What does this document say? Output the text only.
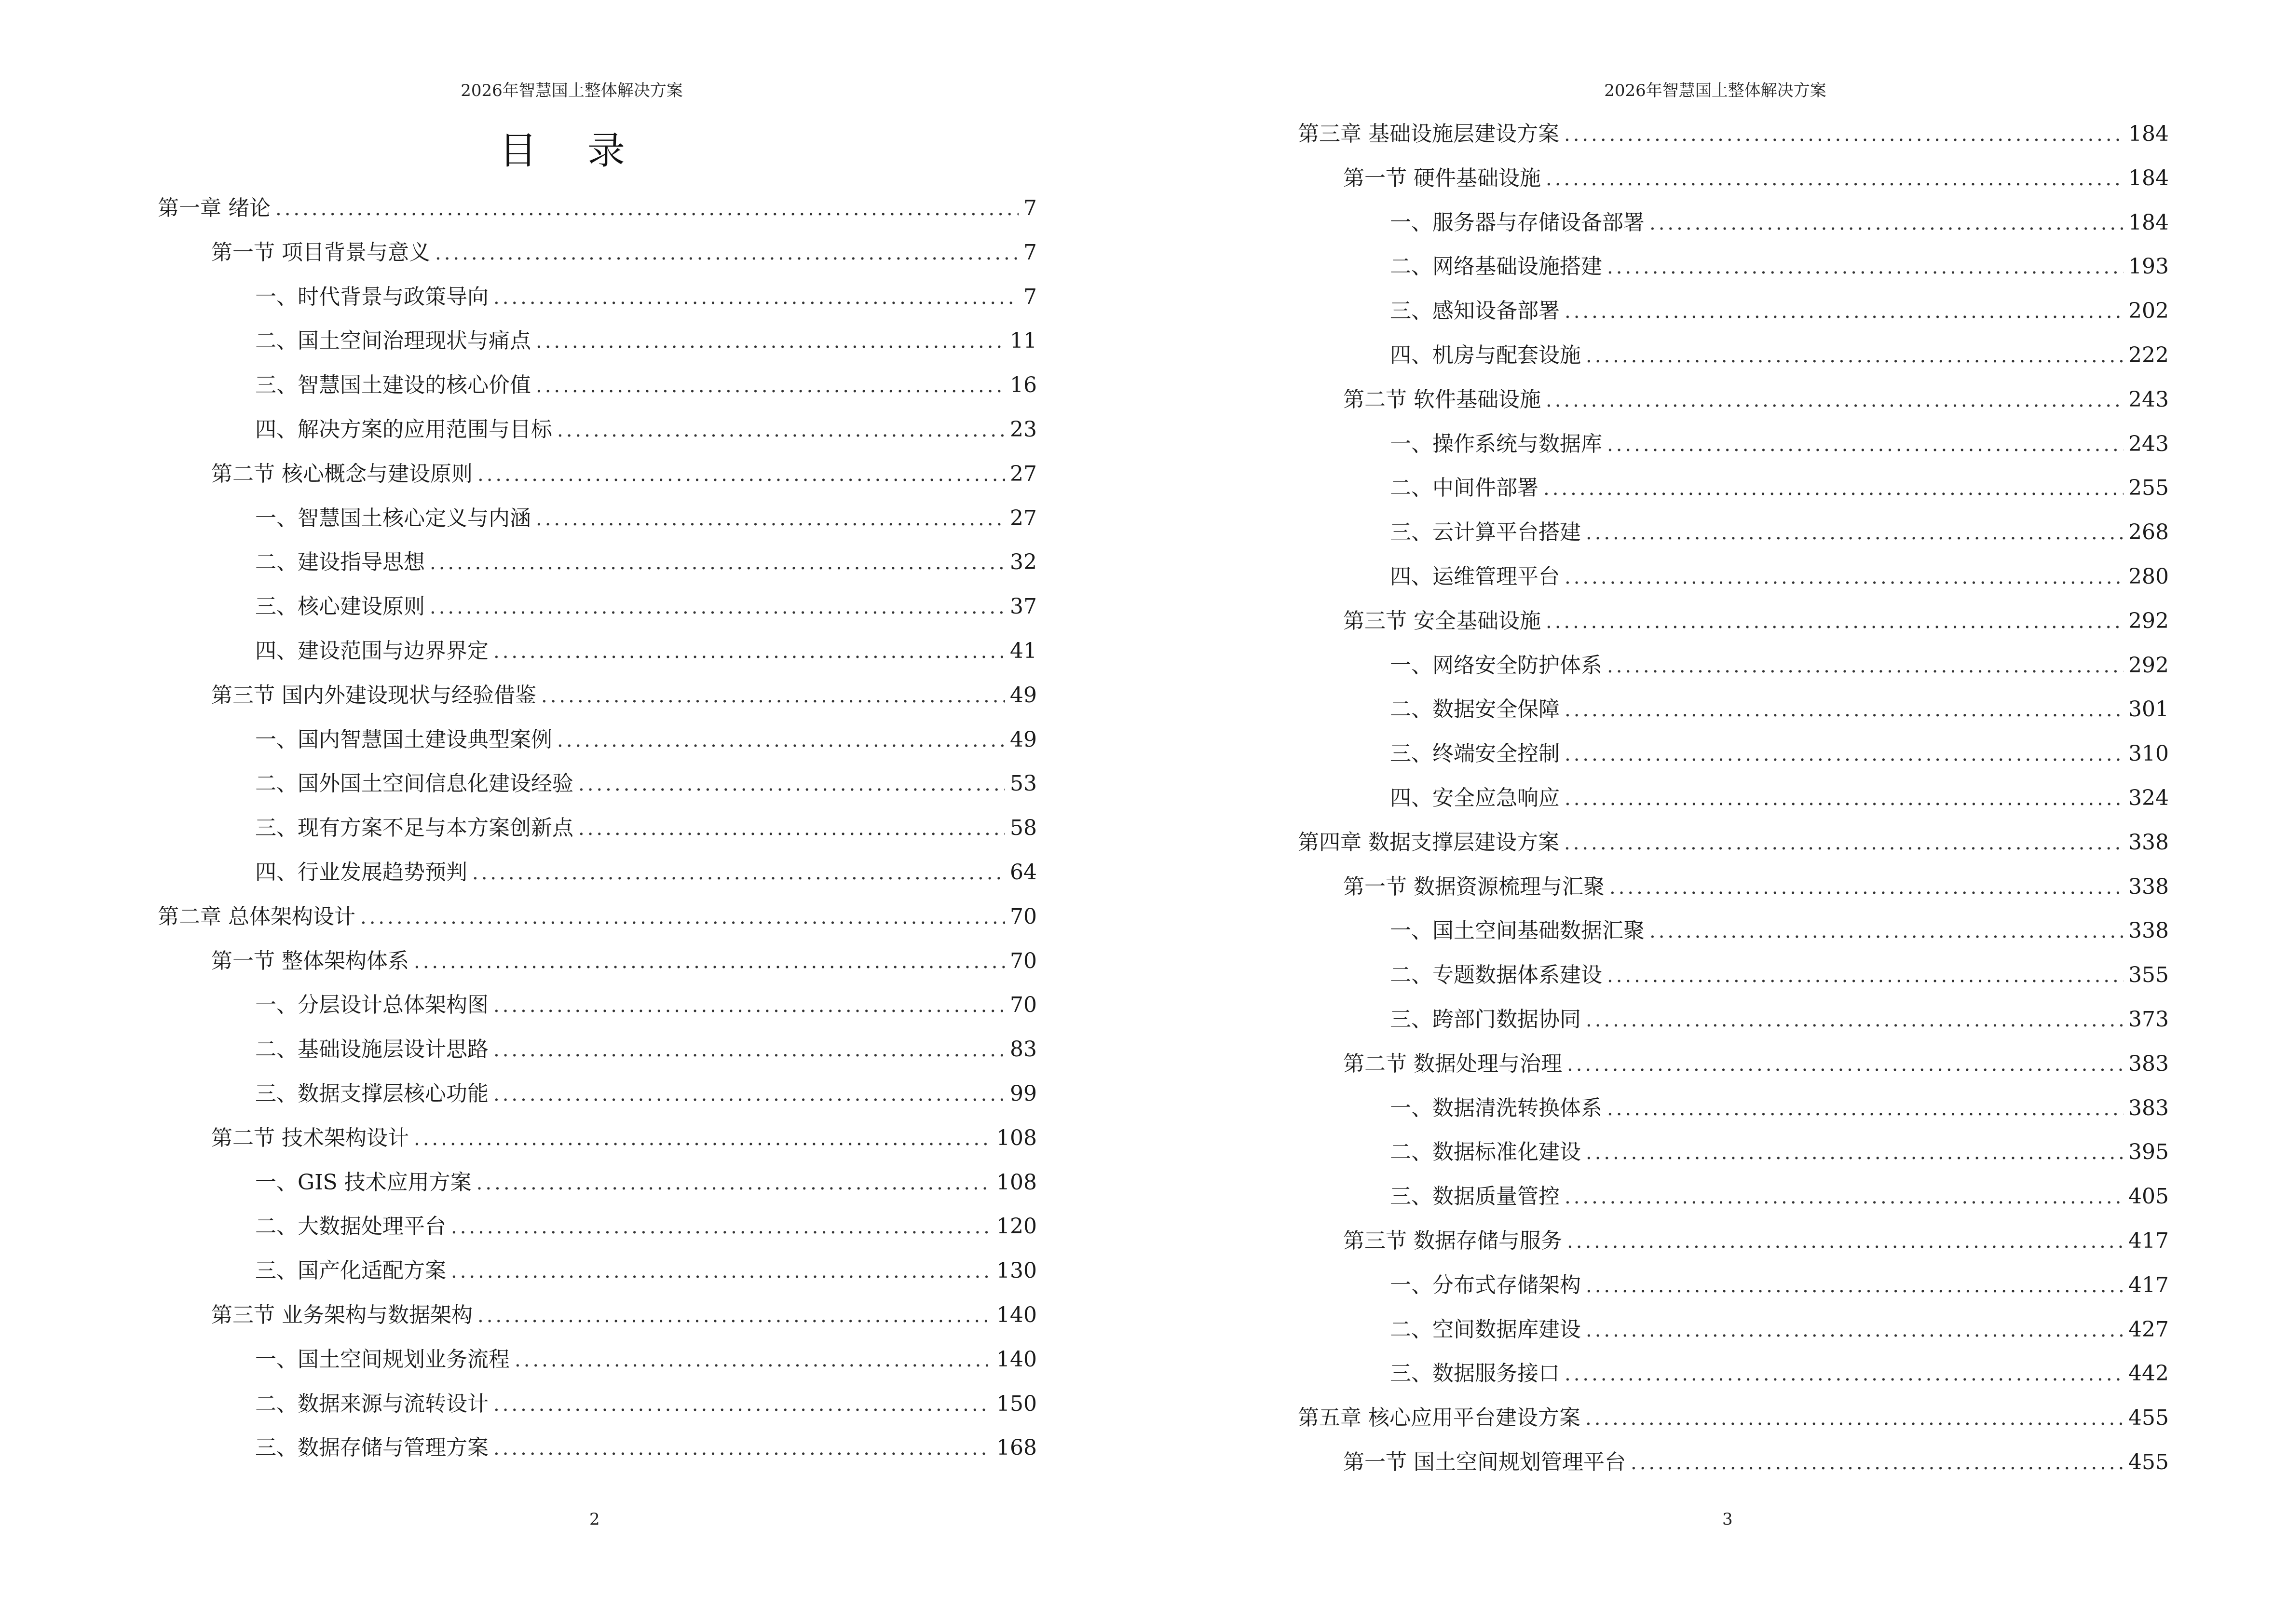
2026年智慧国土整体解决方案
目 录
第一章 绪论 .....	7
第一节 项目背景与意义 .....	7
一、时代背景与政策导向 .....	7
二、国土空间治理现状与痛点 .....	11
三、智慧国土建设的核心价值 .....	16
四、解决方案的应用范围与目标 .....	23
第二节 核心概念与建设原则 .....	27
一、智慧国土核心定义与内涵 .....	27
二、建设指导思想 .....	32
三、核心建设原则 .....	37
四、建设范围与边界界定 .....	41
第三节 国内外建设现状与经验借鉴 .....	49
一、国内智慧国土建设典型案例 .....	49
二、国外国土空间信息化建设经验 .....	53
三、现有方案不足与本方案创新点 .....	58
四、行业发展趋势预判 .....	64
第二章 总体架构设计 .....	70
第一节 整体架构体系 .....	70
一、分层设计总体架构图 .....	70
二、基础设施层设计思路 .....	83
三、数据支撑层核心功能 .....	99
第二节 技术架构设计 .....	108
一、GIS 技术应用方案 .....	108
二、大数据处理平台 .....	120
三、国产化适配方案 .....	130
第三节 业务架构与数据架构 .....	140
一、国土空间规划业务流程 .....	140
二、数据来源与流转设计 .....	150
三、数据存储与管理方案 .....	168
2
2026年智慧国土整体解决方案
第三章 基础设施层建设方案 .....	184
第一节 硬件基础设施 .....	184
一、服务器与存储设备部署 .....	184
二、网络基础设施搭建 .....	193
三、感知设备部署 .....	202
四、机房与配套设施 .....	222
第二节 软件基础设施 .....	243
一、操作系统与数据库 .....	243
二、中间件部署 .....	255
三、云计算平台搭建 .....	268
四、运维管理平台 .....	280
第三节 安全基础设施 .....	292
一、网络安全防护体系 .....	292
二、数据安全保障 .....	301
三、终端安全控制 .....	310
四、安全应急响应 .....	324
第四章 数据支撑层建设方案 .....	338
第一节 数据资源梳理与汇聚 .....	338
一、国土空间基础数据汇聚 .....	338
二、专题数据体系建设 .....	355
三、跨部门数据协同 .....	373
第二节 数据处理与治理 .....	383
一、数据清洗转换体系 .....	383
二、数据标准化建设 .....	395
三、数据质量管控 .....	405
第三节 数据存储与服务 .....	417
一、分布式存储架构 .....	417
二、空间数据库建设 .....	427
三、数据服务接口 .....	442
第五章 核心应用平台建设方案 .....	455
第一节 国土空间规划管理平台 .....	455
3
